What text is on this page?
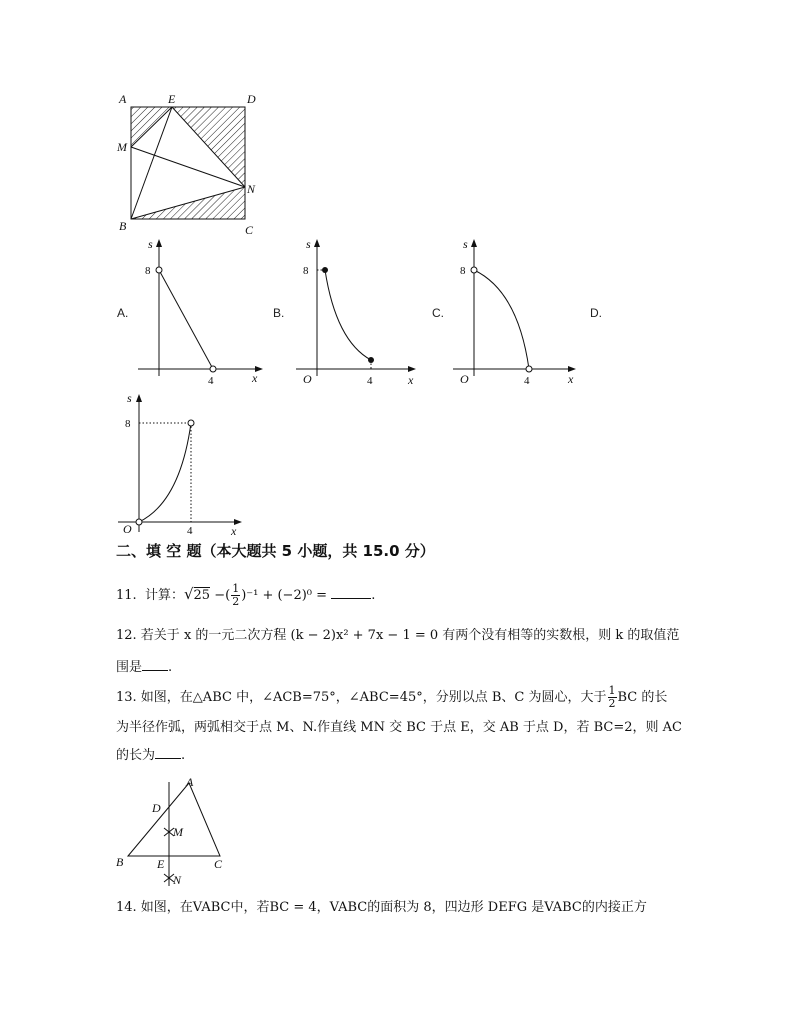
A	E	D
M
N
B	C
A.
s
x
8
4
B.
s
x
8
4
O
C.
s
x
8
4
O
D.
s
x
8
4
O
二、填 空 题（本大题共 5 小题，共 15.0 分）
11. 计算：√25 −( $\frac{1}{2} )^{-1} + (-2)^0$ =	.
12. 若关于 x 的一元二次方程 (k − 2)x² + 7x − 1 = 0 有两个没有相等的实数根，则 k 的取值范
围是 .
13. 如图，在△ABC 中，∠ACB=75°，∠ABC=45°，分别以点 B、C 为圆心，大于 $\frac{1}{2}$ BC 的长
为半径作弧，两弧相交于点 M、N.作直线 MN 交 BC 于点 E，交 AB 于点 D，若 BC=2，则 AC
的长为 .
A
D
M
B	E	C
N
14. 如图，在VABC中，若BC = 4，VABC的面积为 8，四边形 DEFG 是VABC的内接正方
